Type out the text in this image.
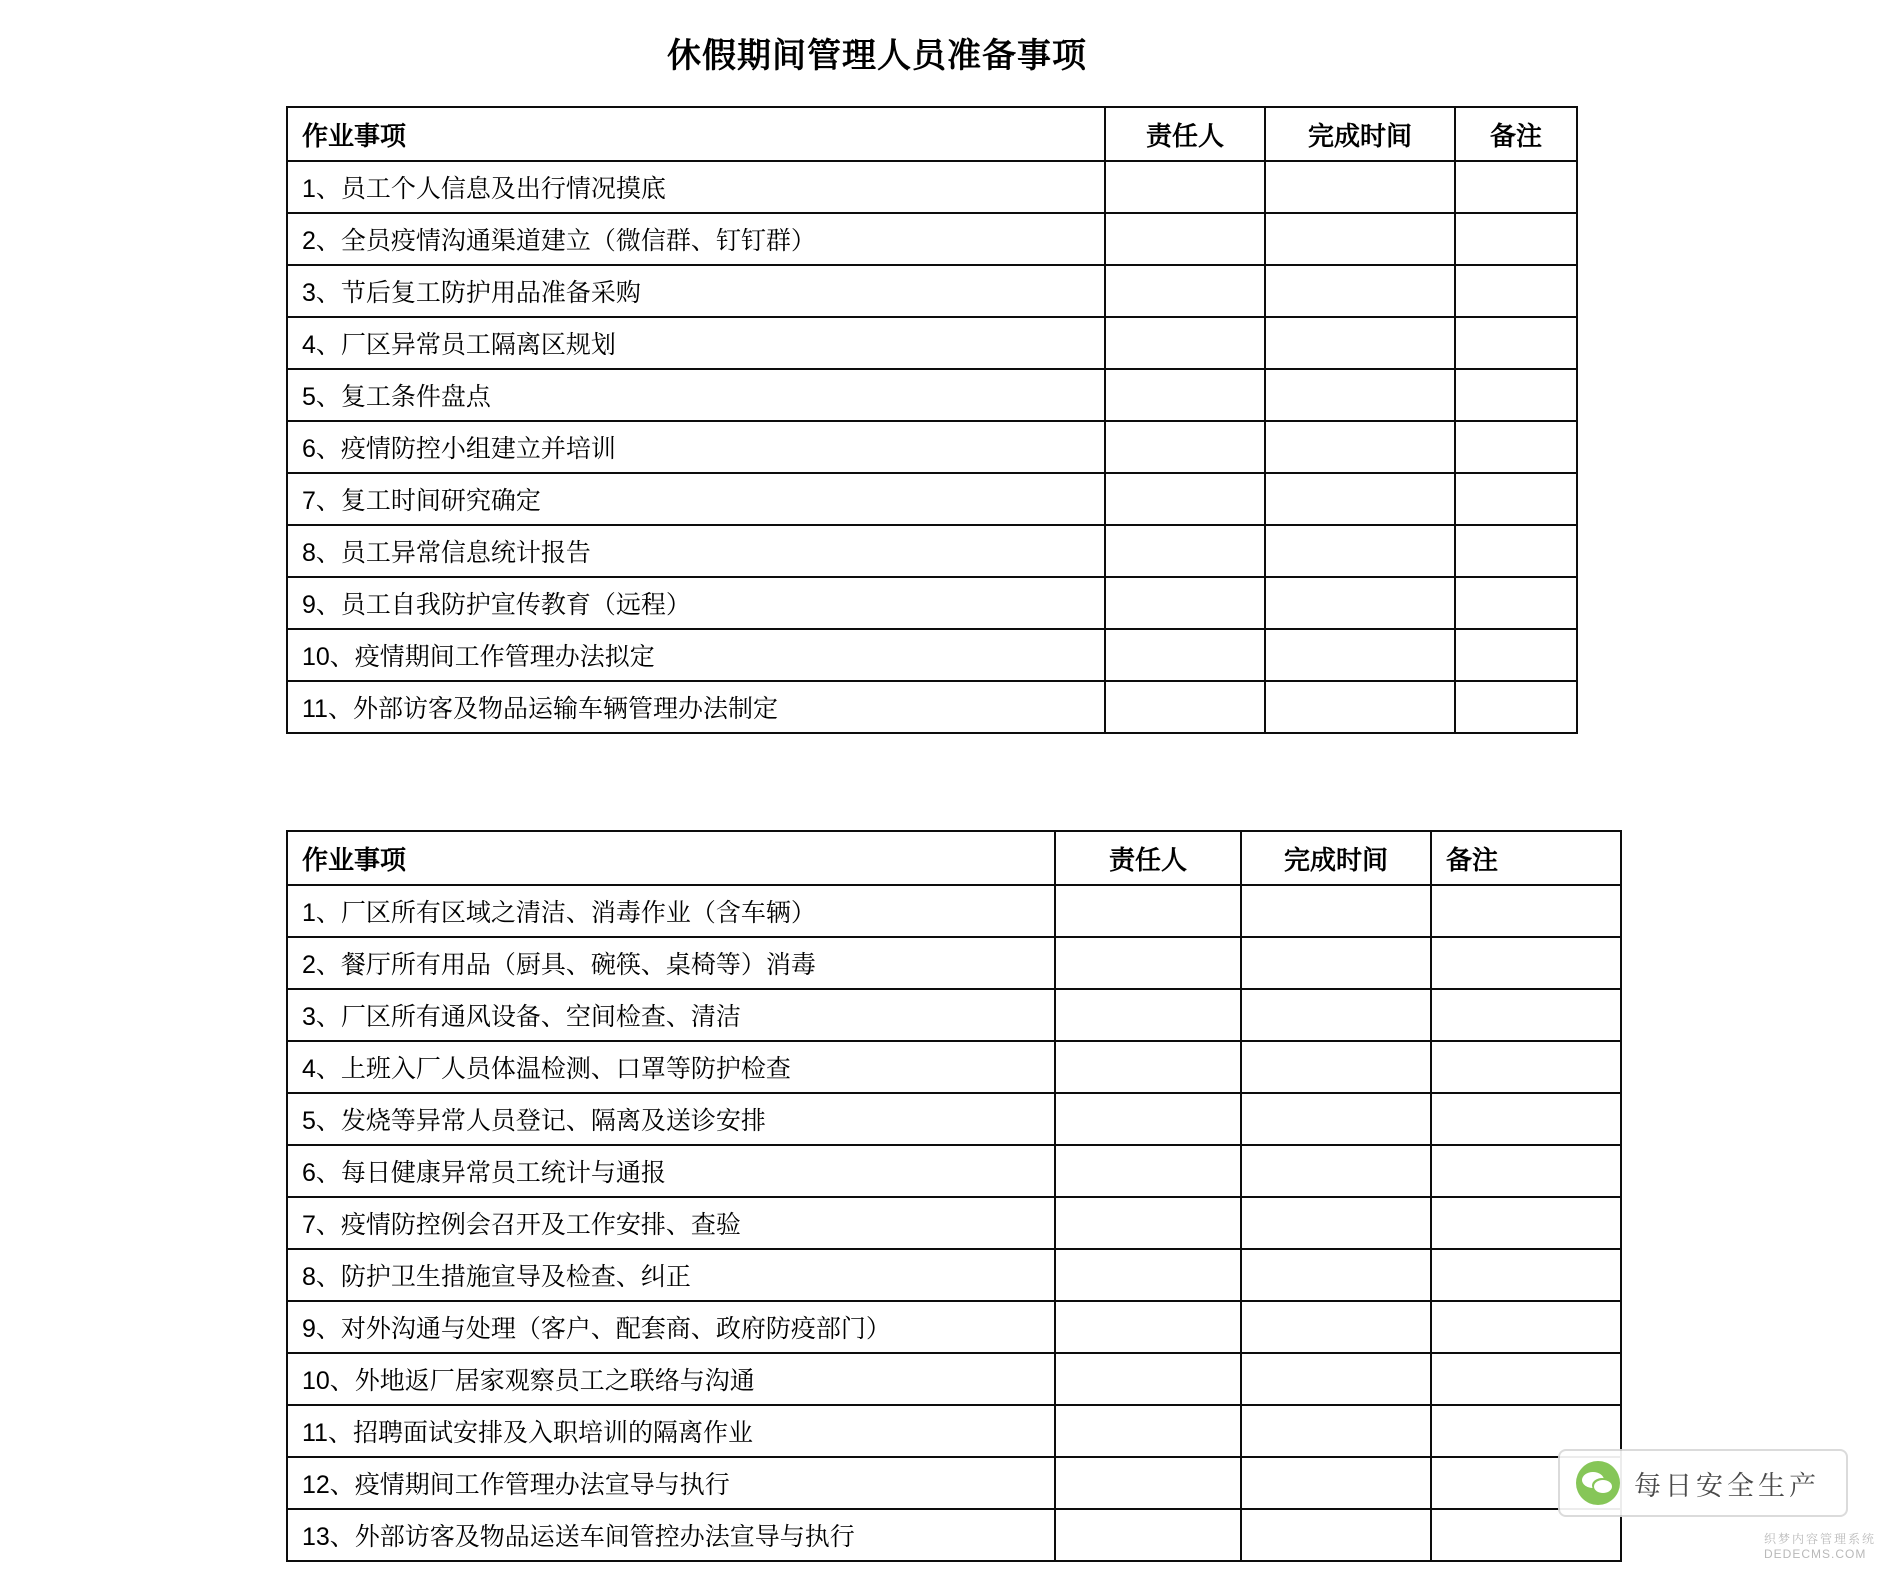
休假期间管理人员准备事项
作业事项	责任人	完成时间	备注
1、员工个人信息及出行情况摸底			
2、全员疫情沟通渠道建立（微信群、钉钉群）			
3、节后复工防护用品准备采购			
4、厂区异常员工隔离区规划			
5、复工条件盘点			
6、疫情防控小组建立并培训			
7、复工时间研究确定			
8、员工异常信息统计报告			
9、员工自我防护宣传教育（远程）			
10、疫情期间工作管理办法拟定			
11、外部访客及物品运输车辆管理办法制定			
作业事项	责任人	完成时间	备注
1、厂区所有区域之清洁、消毒作业（含车辆）			
2、餐厅所有用品（厨具、碗筷、桌椅等）消毒			
3、厂区所有通风设备、空间检查、清洁			
4、上班入厂人员体温检测、口罩等防护检查			
5、发烧等异常人员登记、隔离及送诊安排			
6、每日健康异常员工统计与通报			
7、疫情防控例会召开及工作安排、查验			
8、防护卫生措施宣导及检查、纠正			
9、对外沟通与处理（客户、配套商、政府防疫部门）			
10、外地返厂居家观察员工之联络与沟通			
11、招聘面试安排及入职培训的隔离作业			
12、疫情期间工作管理办法宣导与执行			
13、外部访客及物品运送车间管控办法宣导与执行			
每日安全生产
织梦内容管理系统
DEDECMS.COM
